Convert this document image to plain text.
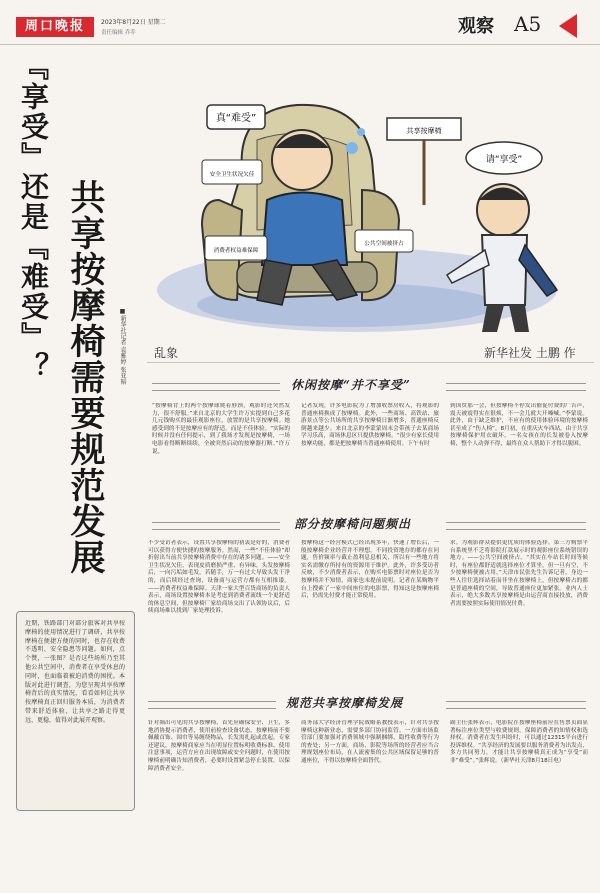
周口晚报	2023年8月22日 星期二
责任编辑 乔乔	观察 A5
『享受』还是『难受』？ 共享按摩椅需要规范发展 ■新华社记者 袁雅婷 张亚韬
真“难受”
安全卫生状况欠佳
消费者权益难保障
公共空间被挤占
共享按摩椅
请“享受”
乱象	新华社发 土鹏 作
休闲按摩“并不享受”
“按摩椅背上的两个按摩球爬着脖颈，观影时还突然发力，很不舒服。”来自北京的大学生许万实提到自己多花几元钱购买的最佳观影座位，放置的是共享按摩椅。她感受到的不是按摩应有的舒适，而是不佳体验。“实际的时候并没有任何提示，到了我场才发现是按摩椅，一场电影看得断断续续，全被突然启动的按摩器打断。”许万说。
记者发现，许多电影院为了增加收票房收入，将观影的普通座椅换成了按摩椅。此外，一些商场、高铁站、旅游景点等公共场所的共享按摩椅日渐增多，普通座椅反倒越来越少。来自北京的李蒙蒙周末会带孩子去某商场学习乐高，商场休息区只提供按摩椅。“很少有家长使用按摩功能，都是把按摩椅当普通座椅使用。下午有时
到国贸那一会，但按摩椅不停发出催促付费的广告声，震天被震得实在很烦，不一会儿就大开嗓喊。”李蒙说。此外，由于缺乏维护，不应有的使用体验环境的按摩椅甚至成了“伤人椅”。8月初，在重庆火车西站，由于共享按摩椅保护用衣破坏，一名女孩在的长发被卷入按摩椅，整个人动弹不得，最终在众人帮助下才得以脱困。
部分按摩椅问题频出
不少受访者表示，设置共享按摩椅的初衷是好的，消费者可以获得方便快捷的按摩服务。然而，一些“不佳体验”却折射出当前共享按摩椅消费中存在的诸多问题。——安全卫生状况欠佳。表现皮质磨损严重、有异味，头发按摩椅后，一向污垢如毛发，若随手，万一有过大导致头发干净的，而后续经过查询，设备商与运营方都有互相推诿。——消费者权益难保障。天津一家大型百货商场的负责人表示，商场设置按摩椅本是考虑到消费者流线一个更舒适的休息空间，但按摩椅厂家给商场交出了认领协议后，后续商场难以找到厂家处理投诉。
按摩椅这一经营模式已经出现多年，快速了增长后，一般按摩椅企业经营并不理想，不同投资地存的都存在问题，售价频率与截止盈利息息相关，所以有一些地方将实名需缴存所持有的资源用于维护。此外，许多受访者反映，不少消费者表示，在购买电影票时对座位是否为按摩椅并不知情，商家也未提前说明。记者在某购物平台上搜索了一家中间座位的电影票，得知这是按摩座椅后，仍需先付费才能正常使用。
求。为观影群众提供更优质的体验选择。第三方购票平台系统里不乏将影院打款展示时的观影座位系统错误的地方。——公共空间被挤占。“其实在车站长时间等候时，有座位都舒适就选择座位才算坐，但一旦有空，不少按摩椅便被占用。”天津市民张先生告诉记者，身边一些人往往选择站着而非坐在按摩椅上，但按摩椅占的都是普通座椅的空间，导致普通座位更加紧张。业内人士表示，绝大多数共享按摩椅是由运营商直接投放，消费者需要按照实际使用情况付费。
规范共享按摩椅发展
针对频出可见的共享按摩椅，首先应确保安全、卫生，多地消协提示消费者，使用前检查设备状态，按摩椅前不要佩戴首饰、围巾等易缠绕物品，长发需扎起或盘起。专家还建议，按摩椅商家应当在明显位置标明收费标准、使用注意事项，运营方应在出现故障或安全问题时，在使用按摩椅前明确告知消费者，必要时设置紧急停止装置，以保障消费者安全。
商务部大学经济管理学院战略系教授表示，针对共享按摩椅这种新业态，需要多部门协同监管。一方面市场监管部门要加强对消费领域中强制捆绑、隐性收费等行为的查处；另一方面，商场、影院等场所的经营者应当合理规划座位布局，在人流密集的公共区域保留足够的普通座位，不得以按摩椅全面替代。
副主任张辉表示，电影院在按摩座椅前应在售票页面显著标注座位类型与收费规则，保障消费者的知情权和选择权。消费者在发生纠纷时，可以通过12315平台进行投诉维权。“共享经济的发展要以服务消费者为出发点，多方共同努力，才能让共享按摩椅真正成为“享受”而非“难受”。”张辉说。（新华社天津8月18日电）
近期，铁路部门对部分旅客对共享按摩椅的使用情况进行了调研，共享按摩椅在便捷方便的同时，也存在收费不透明、安全隐患等问题。如何，点个赞，一张图？是否这些场所乃至其他公共空间中，消费者在享受休息的同时，也面临着被迫消费的困扰。本版对此进行调查，为您呈现共享按摩椅背后的真实情况，看看如何让共享按摩椅真正回归服务本质，为消费者带来舒适体验，让共享之路走得更远、更稳，值得对此展开观察。
